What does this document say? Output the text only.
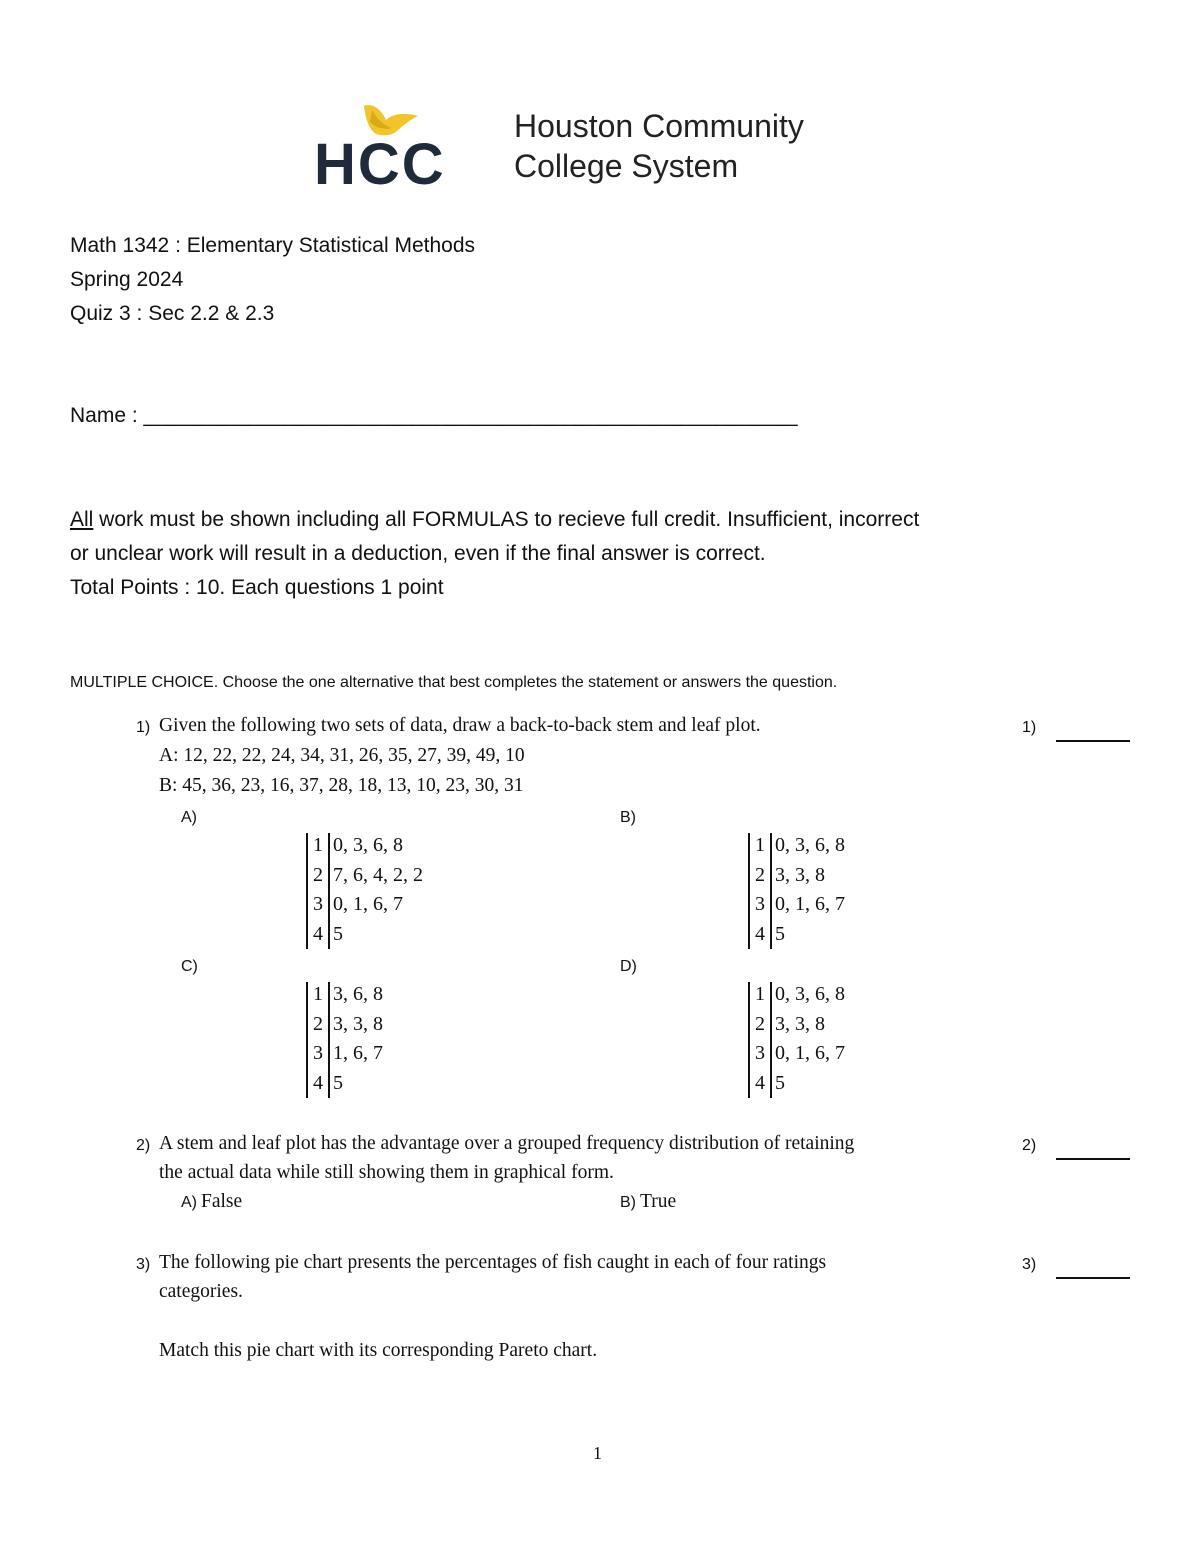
HCC
Houston Community
College System
Math 1342 : Elementary Statistical Methods
Spring 2024
Quiz 3 : Sec 2.2 & 2.3
Name : ________________________________________________________
All work must be shown including all FORMULAS to recieve full credit. Insufficient, incorrect
or unclear work will result in a deduction, even if the final answer is correct.
Total Points : 10. Each questions 1 point
MULTIPLE CHOICE. Choose the one alternative that best completes the statement or answers the question.
1) Given the following two sets of data, draw a back-to-back stem and leaf plot.
A: 12, 22, 22, 24, 34, 31, 26, 35, 27, 39, 49, 10
B: 45, 36, 23, 16, 37, 28, 18, 13, 10, 23, 30, 31
1)
A)	B)
C)	D)
1 0, 3, 6, 8
2 7, 6, 4, 2, 2
3 0, 1, 6, 7
4 5
1 0, 3, 6, 8
2 3, 3, 8
3 0, 1, 6, 7
4 5
1 3, 6, 8
2 3, 3, 8
3 1, 6, 7
4 5
1 0, 3, 6, 8
2 3, 3, 8
3 0, 1, 6, 7
4 5
2) A stem and leaf plot has the advantage over a grouped frequency distribution of retaining
the actual data while still showing them in graphical form.
2)
A) False	B) True
3) The following pie chart presents the percentages of fish caught in each of four ratings
categories.
Match this pie chart with its corresponding Pareto chart.
3)
1
